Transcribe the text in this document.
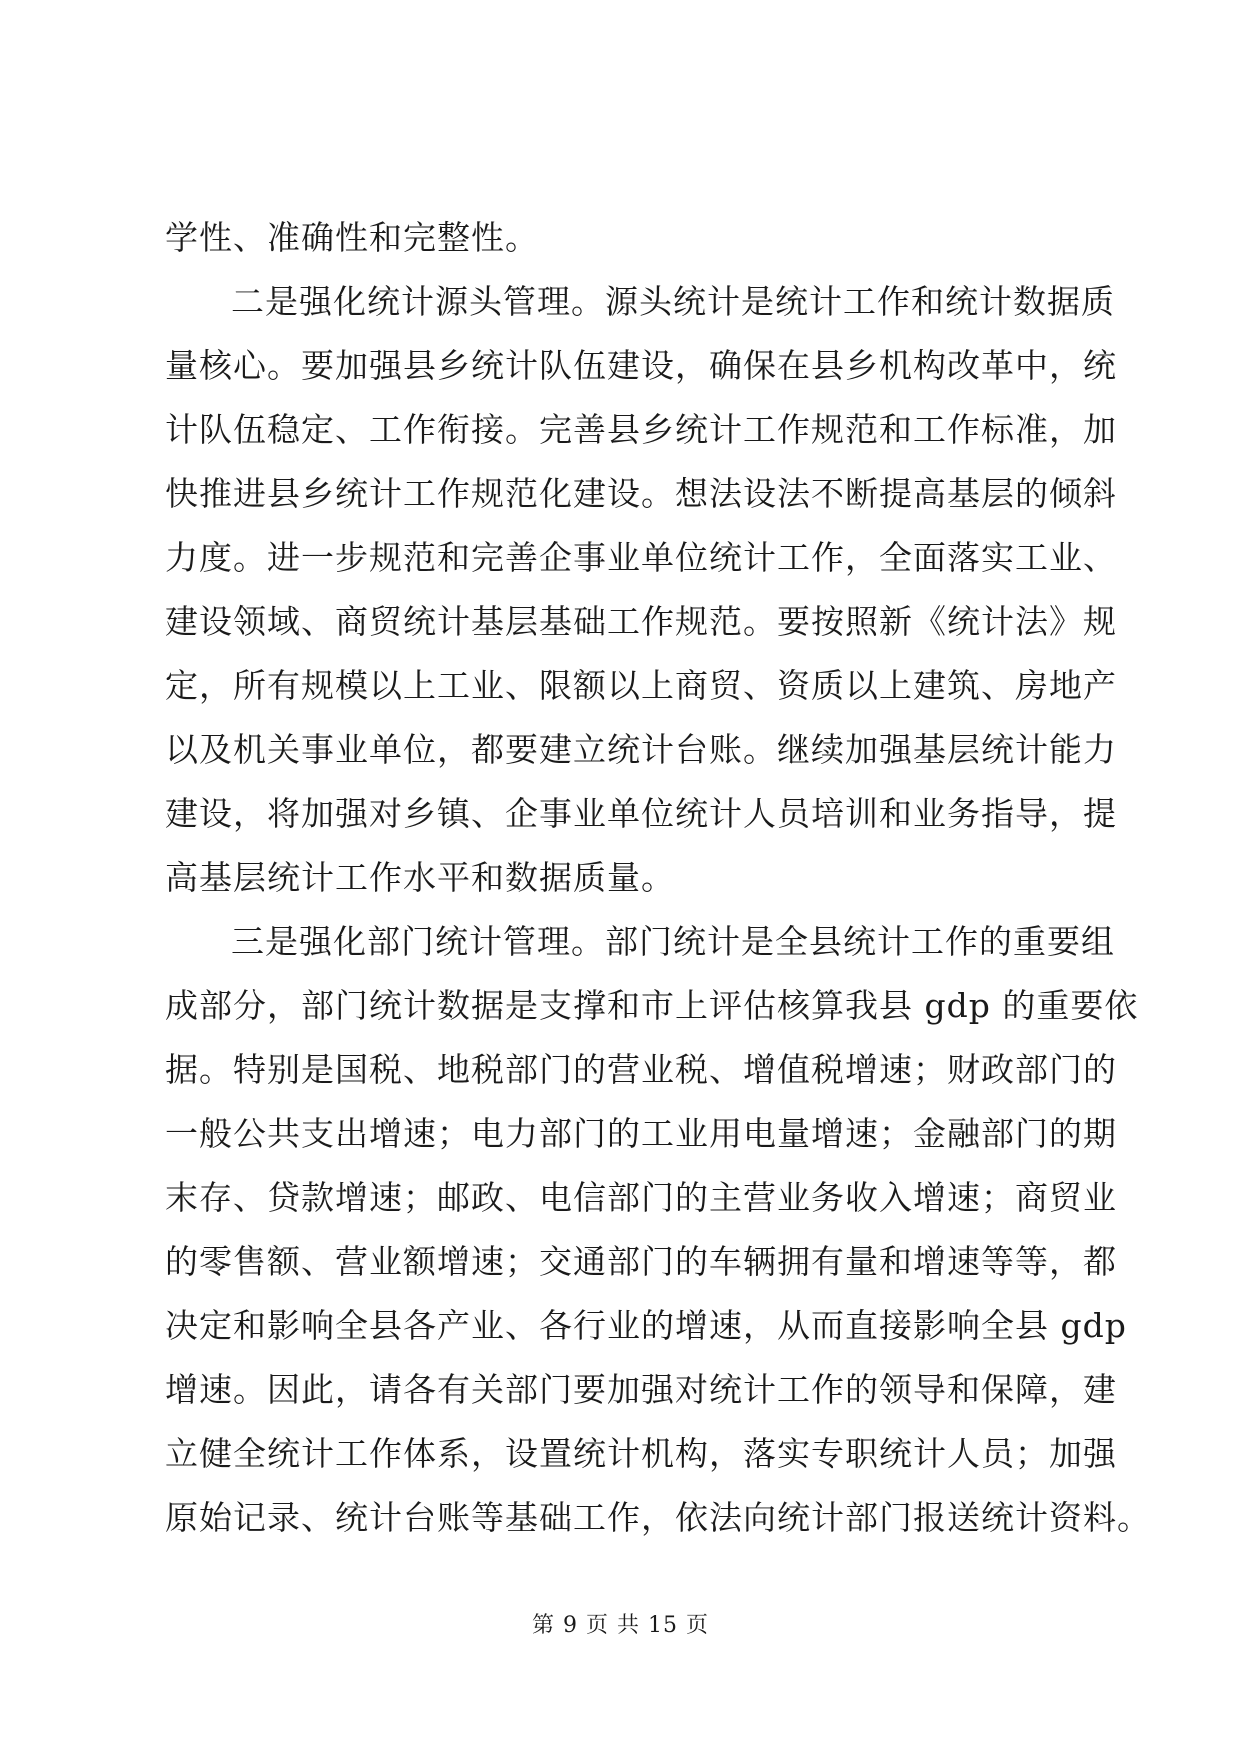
学性、准确性和完整性。
二是强化统计源头管理。源头统计是统计工作和统计数据质
量核心。要加强县乡统计队伍建设，确保在县乡机构改革中，统
计队伍稳定、工作衔接。完善县乡统计工作规范和工作标准，加
快推进县乡统计工作规范化建设。想法设法不断提高基层的倾斜
力度。进一步规范和完善企事业单位统计工作，全面落实工业、
建设领域、商贸统计基层基础工作规范。要按照新《统计法》规
定，所有规模以上工业、限额以上商贸、资质以上建筑、房地产
以及机关事业单位，都要建立统计台账。继续加强基层统计能力
建设，将加强对乡镇、企事业单位统计人员培训和业务指导，提
高基层统计工作水平和数据质量。
三是强化部门统计管理。部门统计是全县统计工作的重要组
成部分，部门统计数据是支撑和市上评估核算我县 gdp 的重要依
据。特别是国税、地税部门的营业税、增值税增速；财政部门的
一般公共支出增速；电力部门的工业用电量增速；金融部门的期
末存、贷款增速；邮政、电信部门的主营业务收入增速；商贸业
的零售额、营业额增速；交通部门的车辆拥有量和增速等等，都
决定和影响全县各产业、各行业的增速，从而直接影响全县 gdp
增速。因此，请各有关部门要加强对统计工作的领导和保障，建
立健全统计工作体系，设置统计机构，落实专职统计人员；加强
原始记录、统计台账等基础工作，依法向统计部门报送统计资料。
第 9 页 共 15 页
